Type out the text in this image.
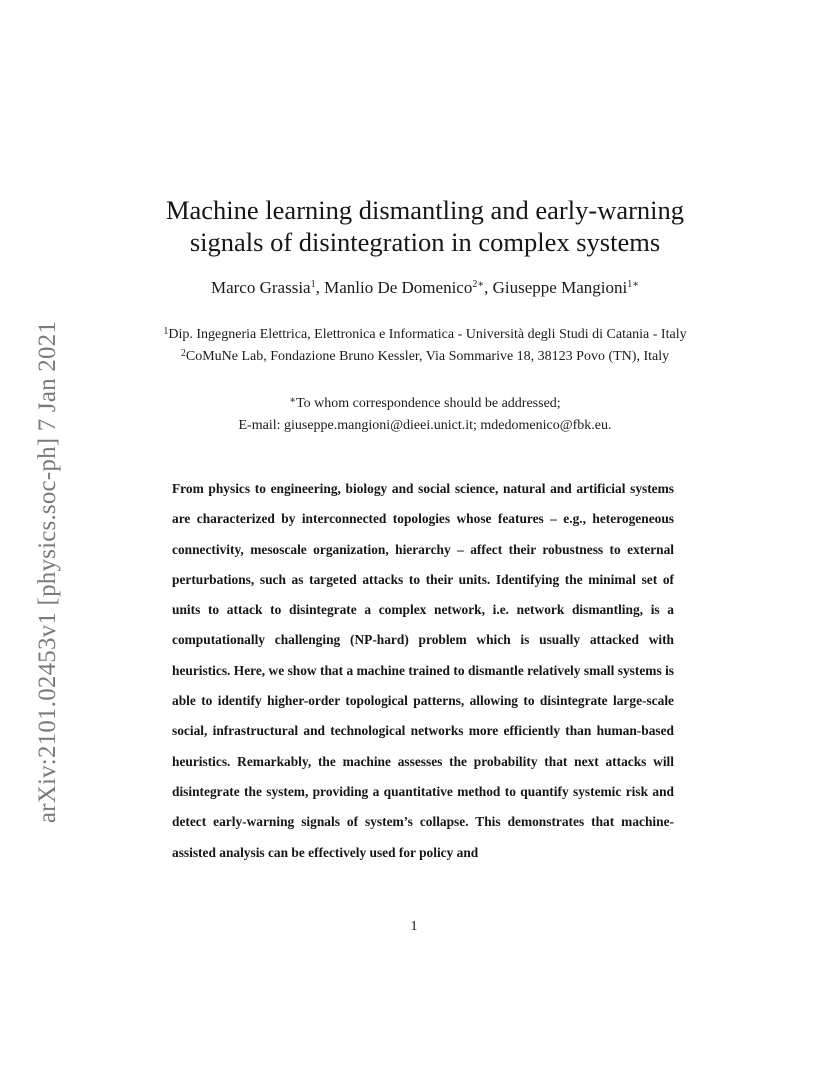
arXiv:2101.02453v1 [physics.soc-ph] 7 Jan 2021
Machine learning dismantling and early-warning
signals of disintegration in complex systems
Marco Grassia$^1$, Manlio De Domenico$^{2∗}$, Giuseppe Mangioni$^{1∗}$
$^1$Dip. Ingegneria Elettrica, Elettronica e Informatica - Università degli Studi di Catania - Italy
$^2$CoMuNe Lab, Fondazione Bruno Kessler, Via Sommarive 18, 38123 Povo (TN), Italy
∗To whom correspondence should be addressed;
E-mail: giuseppe.mangioni@dieei.unict.it; mdedomenico@fbk.eu.
From physics to engineering, biology and social science, natural and artificial systems are characterized by interconnected topologies whose features – e.g., heterogeneous connectivity, mesoscale organization, hierarchy – affect their robustness to external perturbations, such as targeted attacks to their units. Identifying the minimal set of units to attack to disintegrate a complex network, i.e. network dismantling, is a computationally challenging (NP-hard) problem which is usually attacked with heuristics. Here, we show that a machine trained to dismantle relatively small systems is able to identify higher-order topological patterns, allowing to disintegrate large-scale social, infrastructural and technological networks more efficiently than human-based heuristics. Remarkably, the machine assesses the probability that next attacks will disintegrate the system, providing a quantitative method to quantify systemic risk and detect early-warning signals of system’s collapse. This demonstrates that machine-assisted analysis can be effectively used for policy and
1
